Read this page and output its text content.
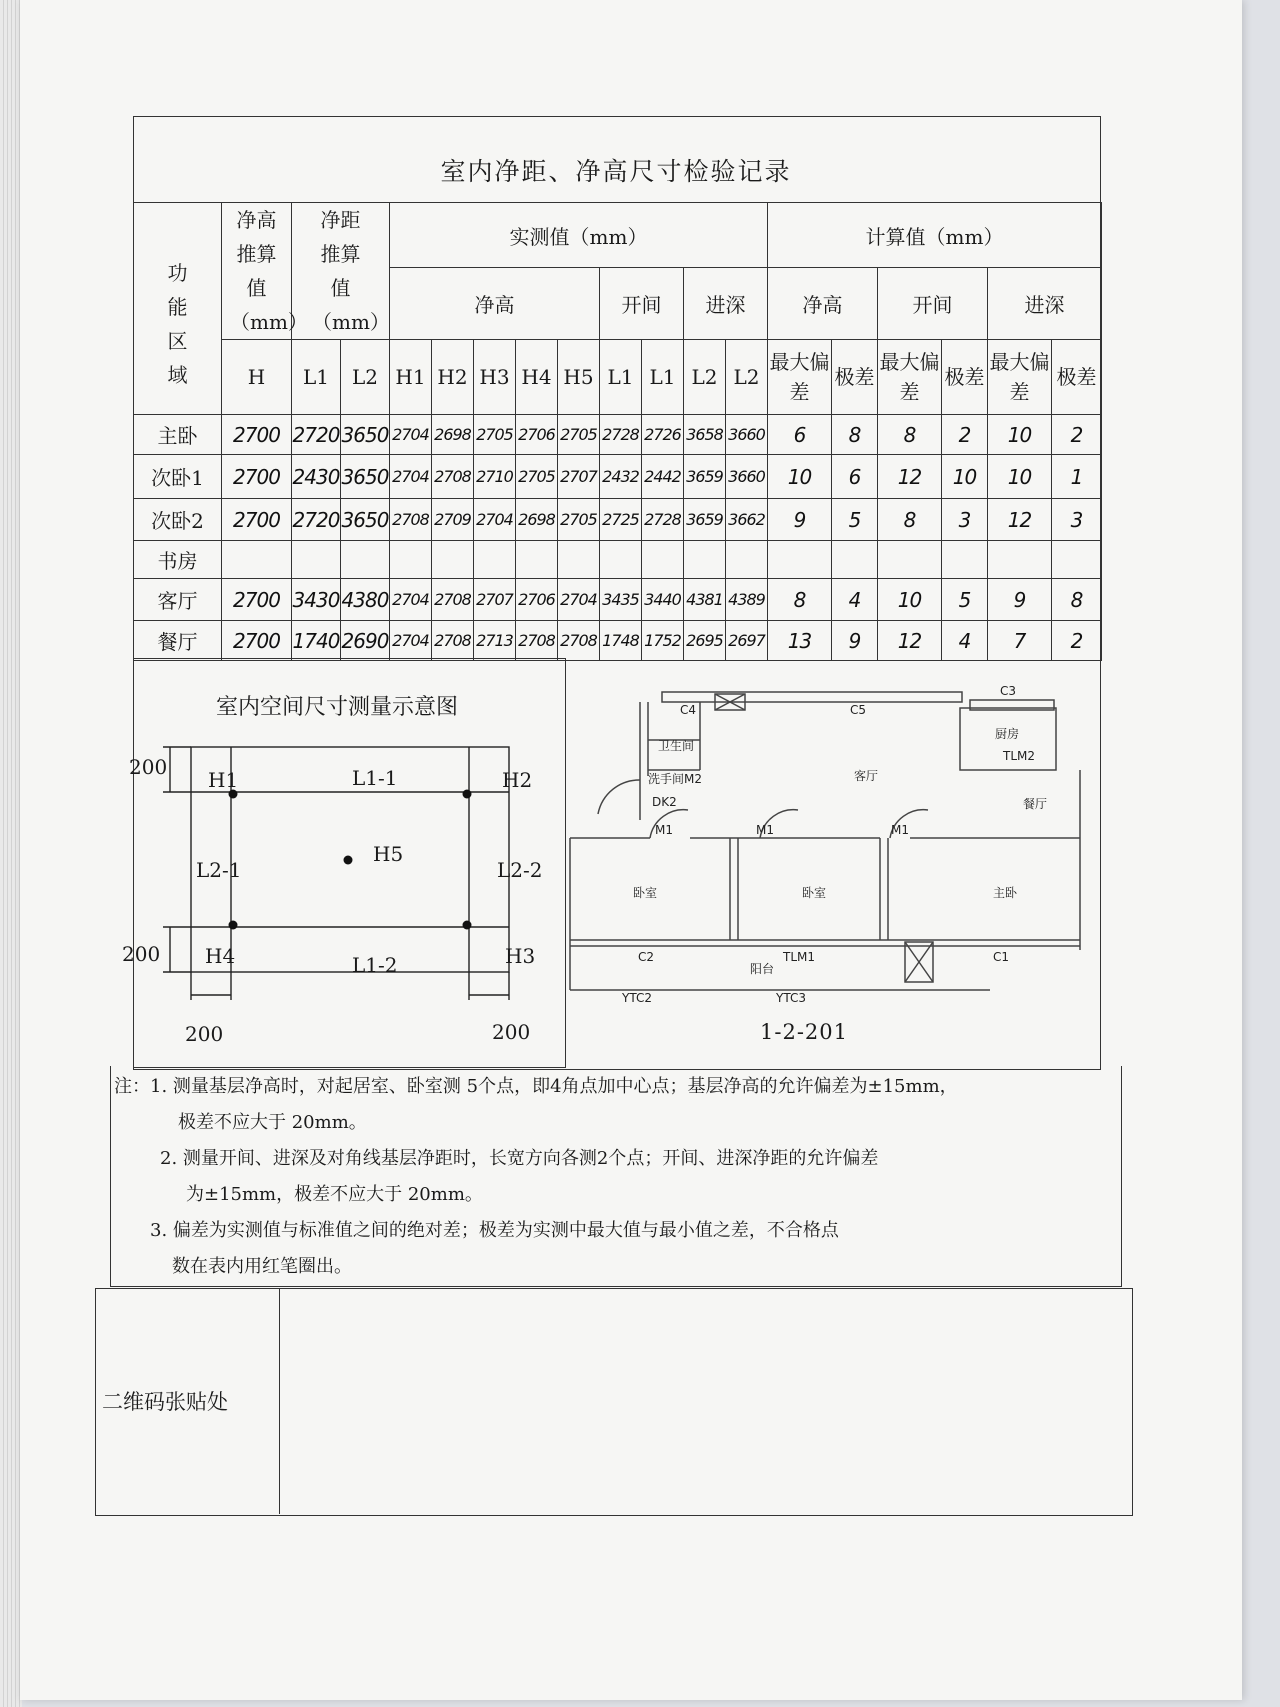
室内净距、净高尺寸检验记录
功能区域	净高推算值（mm）	净距推算值（mm）		实测值（mm）									计算值（mm）					
				净高					开间		进深		净高		开间		进深	
	H	L1	L2	H1	H2	H3	H4	H5	L1	L1	L2	L2	最大偏差	极差	最大偏差	极差	最大偏差	极差
主卧	2700	2720	3650	2704	2698	2705	2706	2705	2728	2726	3658	3660	6	8	8	2	10	2
次卧1	2700	2430	3650	2704	2708	2710	2705	2707	2432	2442	3659	3660	10	6	12	10	10	1
次卧2	2700	2720	3650	2708	2709	2704	2698	2705	2725	2728	3659	3662	9	5	8	3	12	3
书房																		
客厅	2700	3430	4380	2704	2708	2707	2706	2704	3435	3440	4381	4389	8	4	10	5	9	8
餐厅	2700	1740	2690	2704	2708	2713	2708	2708	1748	1752	2695	2697	13	9	12	4	7	2
室内空间尺寸测量示意图
200
200
200	200
H1	H2
H4	H3
H5
L1-1
L1-2
L2-1	L2-2
C4	C5
C3
厨房
TLM2
卫生间
洗手间M2	客厅
DK2	餐厅
M1	M1	M1
卧室	卧室	主卧
C2
阳台
TLM1	C1
YTC2	YTC3
1-2-201
注：1. 测量基层净高时，对起居室、卧室测 5个点，即4角点加中心点；基层净高的允许偏差为±15mm，
极差不应大于 20mm。
2. 测量开间、进深及对角线基层净距时，长宽方向各测2个点；开间、进深净距的允许偏差
为±15mm，极差不应大于 20mm。
3. 偏差为实测值与标准值之间的绝对差；极差为实测中最大值与最小值之差，不合格点
数在表内用红笔圈出。
二维码张贴处
